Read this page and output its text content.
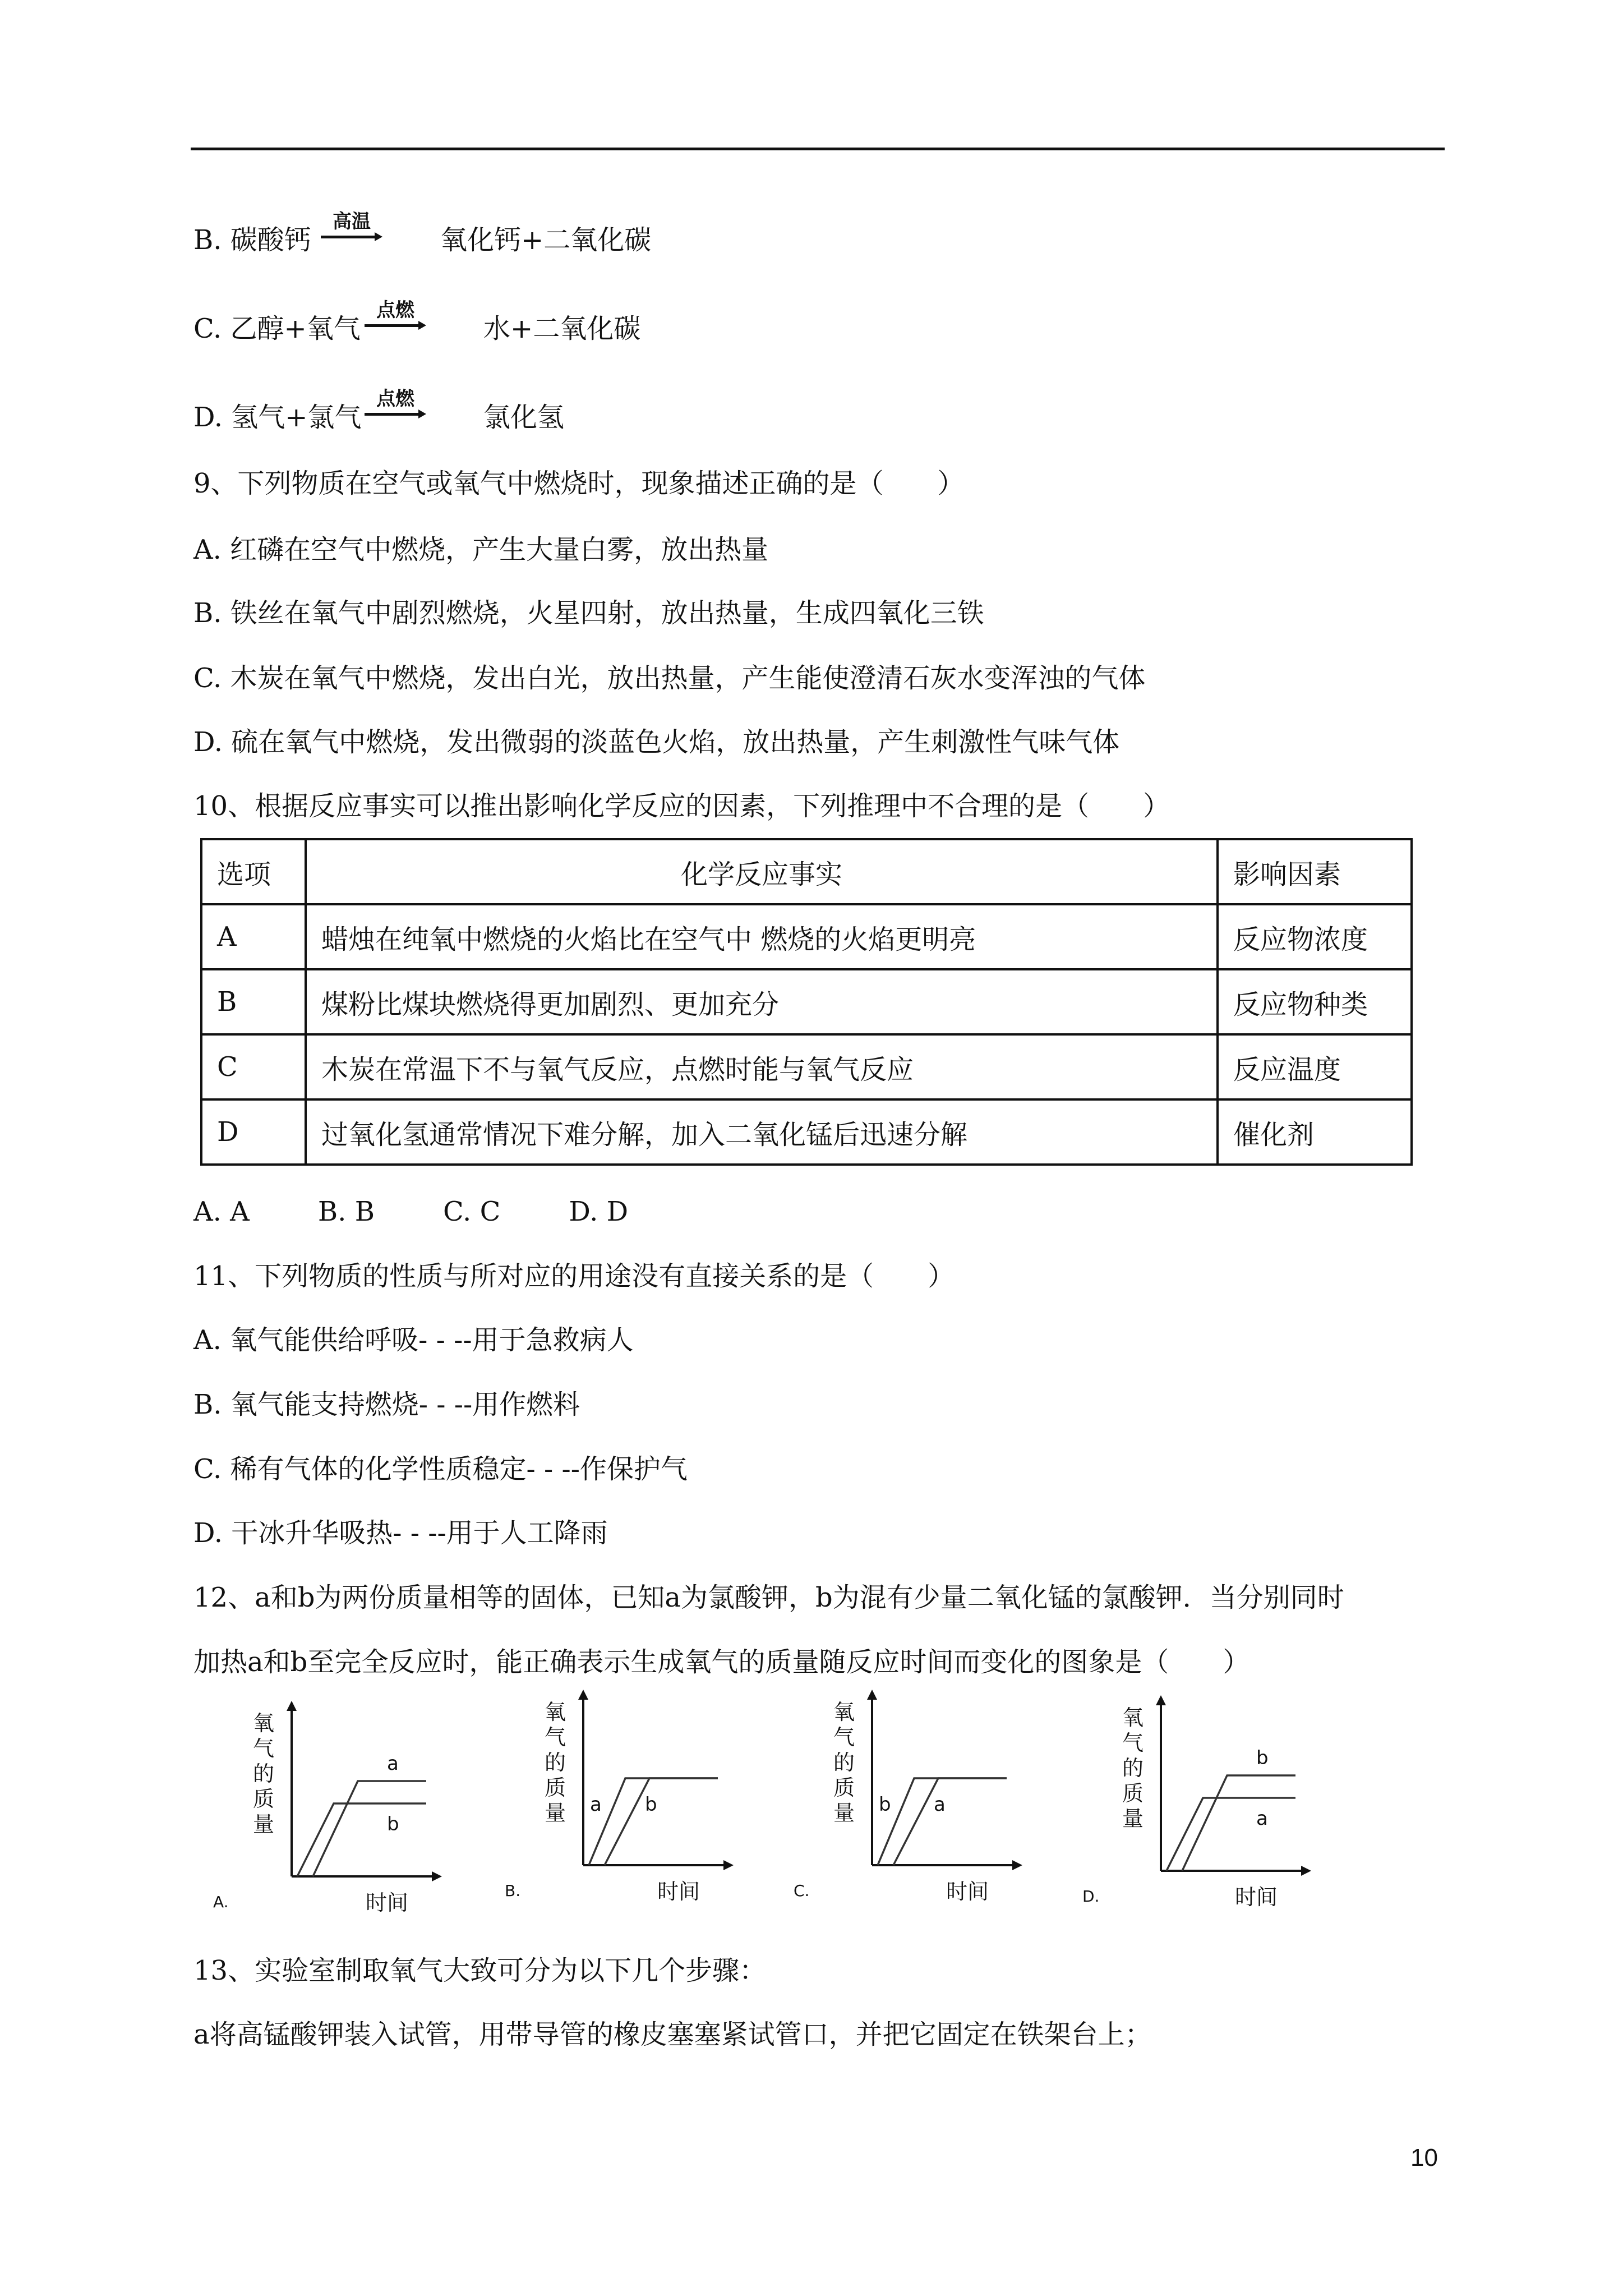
B. 碳酸钙
高温
氧化钙+二氧化碳
C. 乙醇+氧气
点燃
水+二氧化碳
D. 氢气+氯气
点燃
氯化氢
9、下列物质在空气或氧气中燃烧时，现象描述正确的是（　　）
A. 红磷在空气中燃烧，产生大量白雾，放出热量
B. 铁丝在氧气中剧烈燃烧，火星四射，放出热量，生成四氧化三铁
C. 木炭在氧气中燃烧，发出白光，放出热量，产生能使澄清石灰水变浑浊的气体
D. 硫在氧气中燃烧，发出微弱的淡蓝色火焰，放出热量，产生刺激性气味气体
10、根据反应事实可以推出影响化学反应的因素，下列推理中不合理的是（　　）
选项	化学反应事实	影响因素
A	蜡烛在纯氧中燃烧的火焰比在空气中 燃烧的火焰更明亮	反应物浓度
B	煤粉比煤块燃烧得更加剧烈、更加充分	反应物种类
C	木炭在常温下不与氧气反应，点燃时能与氧气反应	反应温度
D	过氧化氢通常情况下难分解，加入二氧化锰后迅速分解	催化剂
A. A        B. B        C. C        D. D
11、下列物质的性质与所对应的用途没有直接关系的是（　　）
A. 氧气能供给呼吸- - --用于急救病人
B. 氧气能支持燃烧- - --用作燃料
C. 稀有气体的化学性质稳定- - --作保护气
D. 干冰升华吸热- - --用于人工降雨
12、a和b为两份质量相等的固体，已知a为氯酸钾，b为混有少量二氧化锰的氯酸钾．当分别同时
加热a和b至完全反应时，能正确表示生成氧气的质量随反应时间而变化的图象是（　　）
氧
气
的
质
量
时间
A.
a
b
氧
气
的
质
量
时间
B.
a b
氧
气
的
质
量
时间
C.
b a
氧
气
的
质
量
时间
D.
b
a
13、实验室制取氧气大致可分为以下几个步骤：
a将高锰酸钾装入试管，用带导管的橡皮塞塞紧试管口，并把它固定在铁架台上；
10
